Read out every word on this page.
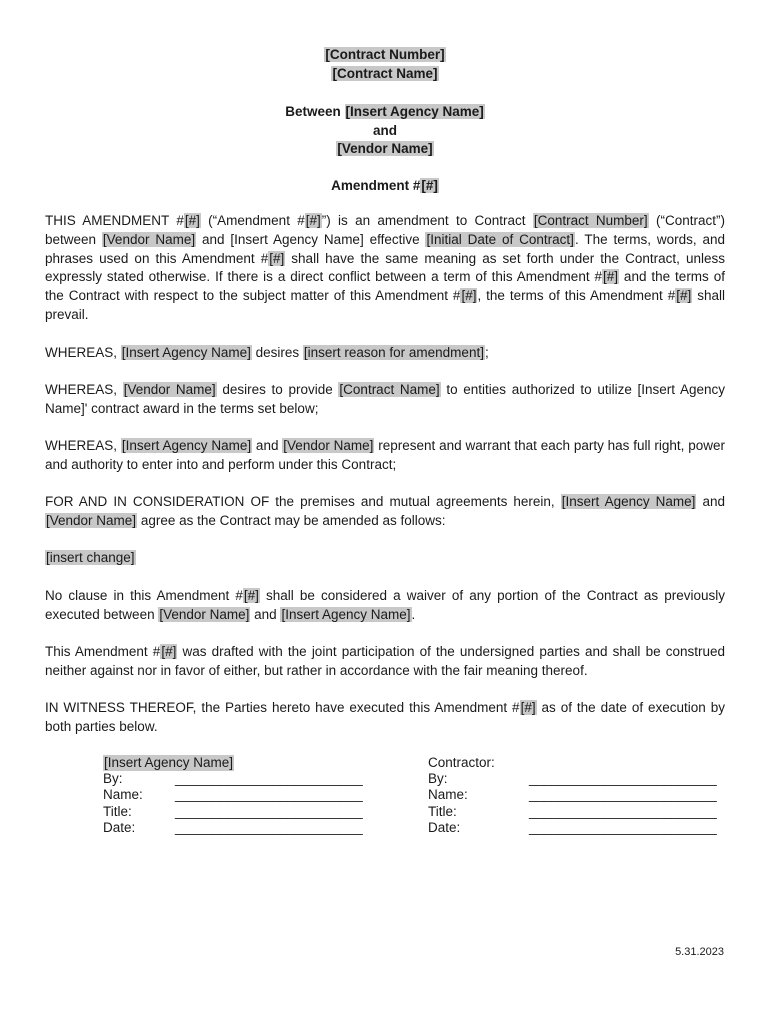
[Contract Number]
[Contract Name]
Between [Insert Agency Name]
and
[Vendor Name]
Amendment #[#]

THIS AMENDMENT #[#] (“Amendment #[#]”) is an amendment to Contract [Contract Number] (“Contract”) between [Vendor Name] and [Insert Agency Name] effective [Initial Date of Contract]. The terms, words, and phrases used on this Amendment #[#] shall have the same meaning as set forth under the Contract, unless expressly stated otherwise. If there is a direct conflict between a term of this Amendment #[#] and the terms of the Contract with respect to the subject matter of this Amendment #[#], the terms of this Amendment #[#] shall prevail.

WHEREAS, [Insert Agency Name] desires [insert reason for amendment];

WHEREAS, [Vendor Name] desires to provide [Contract Name] to entities authorized to utilize [Insert Agency Name]' contract award in the terms set below;

WHEREAS, [Insert Agency Name] and [Vendor Name] represent and warrant that each party has full right, power and authority to enter into and perform under this Contract;

FOR AND IN CONSIDERATION OF the premises and mutual agreements herein, [Insert Agency Name] and [Vendor Name] agree as the Contract may be amended as follows:

[insert change]

No clause in this Amendment #[#] shall be considered a waiver of any portion of the Contract as previously executed between [Vendor Name] and [Insert Agency Name].

This Amendment #[#] was drafted with the joint participation of the undersigned parties and shall be construed neither against nor in favor of either, but rather in accordance with the fair meaning thereof.

IN WITNESS THEREOF, the Parties hereto have executed this Amendment #[#] as of the date of execution by both parties below.

[Insert Agency Name]
By:	_________________________
Name:	_________________________
Title:	_________________________
Date:	_________________________
Contractor:
By:	_________________________
Name:	_________________________
Title:	_________________________
Date:	_________________________
5.31.2023
